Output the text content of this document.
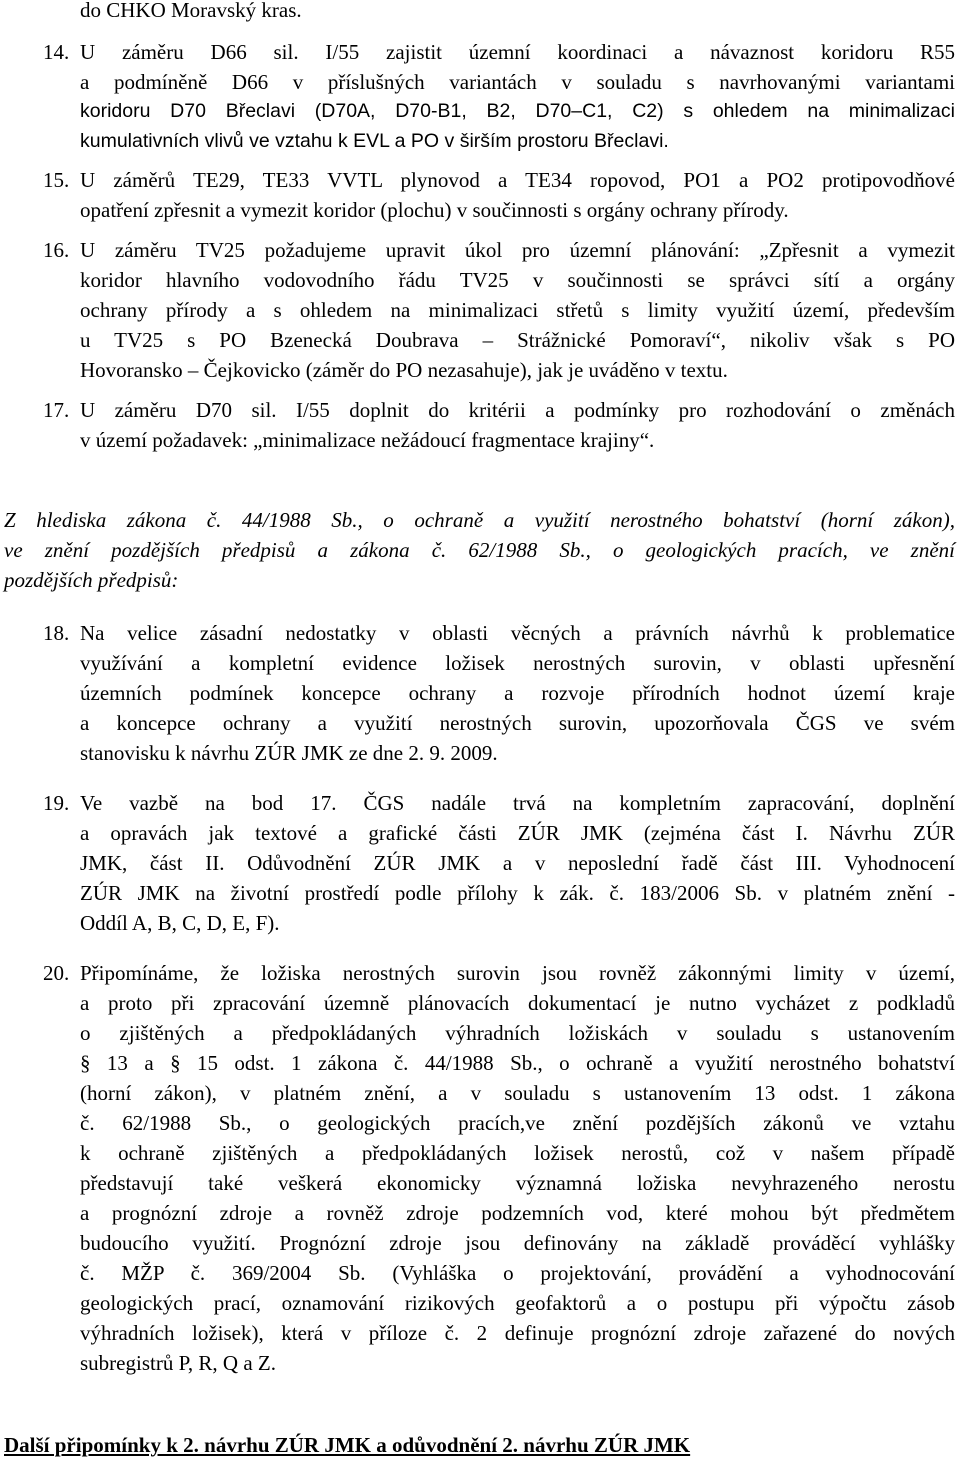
do CHKO Moravský kras.
14. U záměru D66 sil. I/55 zajistit územní koordinaci a návaznost koridoru R55
a podmíněně D66 v příslušných variantách v souladu s navrhovanými variantami
koridoru D70 Břeclavi (D70A, D70-B1, B2, D70–C1, C2) s ohledem na minimalizaci
kumulativních vlivů ve vztahu k EVL a PO v širším prostoru Břeclavi.
15. U záměrů TE29, TE33 VVTL plynovod a TE34 ropovod, PO1 a PO2 protipovodňové
opatření zpřesnit a vymezit koridor (plochu) v součinnosti s orgány ochrany přírody.
16. U záměru TV25 požadujeme upravit úkol pro územní plánování: „Zpřesnit a vymezit
koridor hlavního vodovodního řádu TV25 v součinnosti se správci sítí a orgány
ochrany přírody a s ohledem na minimalizaci střetů s limity využití území, především
u TV25 s PO Bzenecká Doubrava – Strážnické Pomoraví“, nikoliv však s PO
Hovoransko – Čejkovicko (záměr do PO nezasahuje), jak je uváděno v textu.
17. U záměru D70 sil. I/55 doplnit do kritérii a podmínky pro rozhodování o změnách
v území požadavek: „minimalizace nežádoucí fragmentace krajiny“.
Z hlediska zákona č. 44/1988 Sb., o ochraně a využití nerostného bohatství (horní zákon),
ve znění pozdějších předpisů a zákona č. 62/1988 Sb., o geologických pracích, ve znění
pozdějších předpisů:
18. Na velice zásadní nedostatky v oblasti věcných a právních návrhů k problematice
využívání a kompletní evidence ložisek nerostných surovin, v oblasti upřesnění
územních podmínek koncepce ochrany a rozvoje přírodních hodnot území kraje
a koncepce ochrany a využití nerostných surovin, upozorňovala ČGS ve svém
stanovisku k návrhu ZÚR JMK ze dne 2. 9. 2009.
19. Ve vazbě na bod 17. ČGS nadále trvá na kompletním zapracování, doplnění
a opravách jak textové a grafické části ZÚR JMK (zejména část I. Návrhu ZÚR
JMK, část II. Odůvodnění ZÚR JMK a v neposlední řadě část III. Vyhodnocení
ZÚR JMK na životní prostředí podle přílohy k zák. č. 183/2006 Sb. v platném znění -
Oddíl A, B, C, D, E, F).
20. Připomínáme, že ložiska nerostných surovin jsou rovněž zákonnými limity v území,
a proto při zpracování územně plánovacích dokumentací je nutno vycházet z podkladů
o zjištěných a předpokládaných výhradních ložiskách v souladu s ustanovením
§ 13 a § 15 odst. 1 zákona č. 44/1988 Sb., o ochraně a využití nerostného bohatství
(horní zákon), v platném znění, a v souladu s ustanovením 13 odst. 1 zákona
č. 62/1988 Sb., o geologických pracích,ve znění pozdějších zákonů ve vztahu
k ochraně zjištěných a předpokládaných ložisek nerostů, což v našem případě
představují také veškerá ekonomicky významná ložiska nevyhrazeného nerostu
a prognózní zdroje a rovněž zdroje podzemních vod, které mohou být předmětem
budoucího využití. Prognózní zdroje jsou definovány na základě prováděcí vyhlášky
č. MŽP č. 369/2004 Sb. (Vyhláška o projektování, provádění a vyhodnocování
geologických prací, oznamování rizikových geofaktorů a o postupu při výpočtu zásob
výhradních ložisek), která v příloze č. 2 definuje prognózní zdroje zařazené do nových
subregistrů P, R, Q a Z.
Další připomínky k 2. návrhu ZÚR JMK a odůvodnění 2. návrhu ZÚR JMK
